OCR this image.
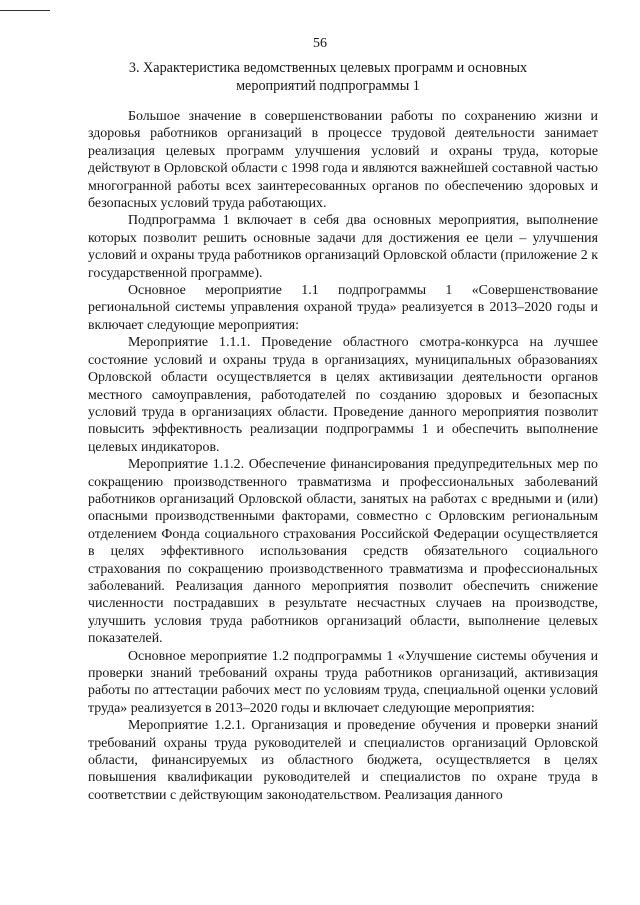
56
3. Характеристика ведомственных целевых программ и основных
мероприятий подпрограммы 1

Большое значение в совершенствовании работы по сохранению жизни и здоровья работников организаций в процессе трудовой деятельности занимает реализация целевых программ улучшения условий и охраны труда, которые действуют в Орловской области с 1998 года и являются важнейшей составной частью многогранной работы всех заинтересованных органов по обеспечению здоровых и безопасных условий труда работающих.

Подпрограмма 1 включает в себя два основных мероприятия, выполнение которых позволит решить основные задачи для достижения ее цели – улучшения условий и охраны труда работников организаций Орловской области (приложение 2 к государственной программе).

Основное мероприятие 1.1 подпрограммы 1 «Совершенствование региональной системы управления охраной труда» реализуется в 2013–2020 годы и включает следующие мероприятия:

Мероприятие 1.1.1. Проведение областного смотра-конкурса на лучшее состояние условий и охраны труда в организациях, муниципальных образованиях Орловской области осуществляется в целях активизации деятельности органов местного самоуправления, работодателей по созданию здоровых и безопасных условий труда в организациях области. Проведение данного мероприятия позволит повысить эффективность реализации подпрограммы 1 и обеспечить выполнение целевых индикаторов.

Мероприятие 1.1.2. Обеспечение финансирования предупредительных мер по сокращению производственного травматизма и профессиональных заболеваний работников организаций Орловской области, занятых на работах с вредными и (или) опасными производственными факторами, совместно с Орловским региональным отделением Фонда социального страхования Российской Федерации осуществляется в целях эффективного использования средств обязательного социального страхования по сокращению производственного травматизма и профессиональных заболеваний. Реализация данного мероприятия позволит обеспечить снижение численности пострадавших в результате несчастных случаев на производстве, улучшить условия труда работников организаций области, выполнение целевых показателей.

Основное мероприятие 1.2 подпрограммы 1 «Улучшение системы обучения и проверки знаний требований охраны труда работников организаций, активизация работы по аттестации рабочих мест по условиям труда, специальной оценки условий труда» реализуется в 2013–2020 годы и включает следующие мероприятия:

Мероприятие 1.2.1. Организация и проведение обучения и проверки знаний требований охраны труда руководителей и специалистов организаций Орловской области, финансируемых из областного бюджета, осуществляется в целях повышения квалификации руководителей и специалистов по охране труда в соответствии с действующим законодательством. Реализация данного
